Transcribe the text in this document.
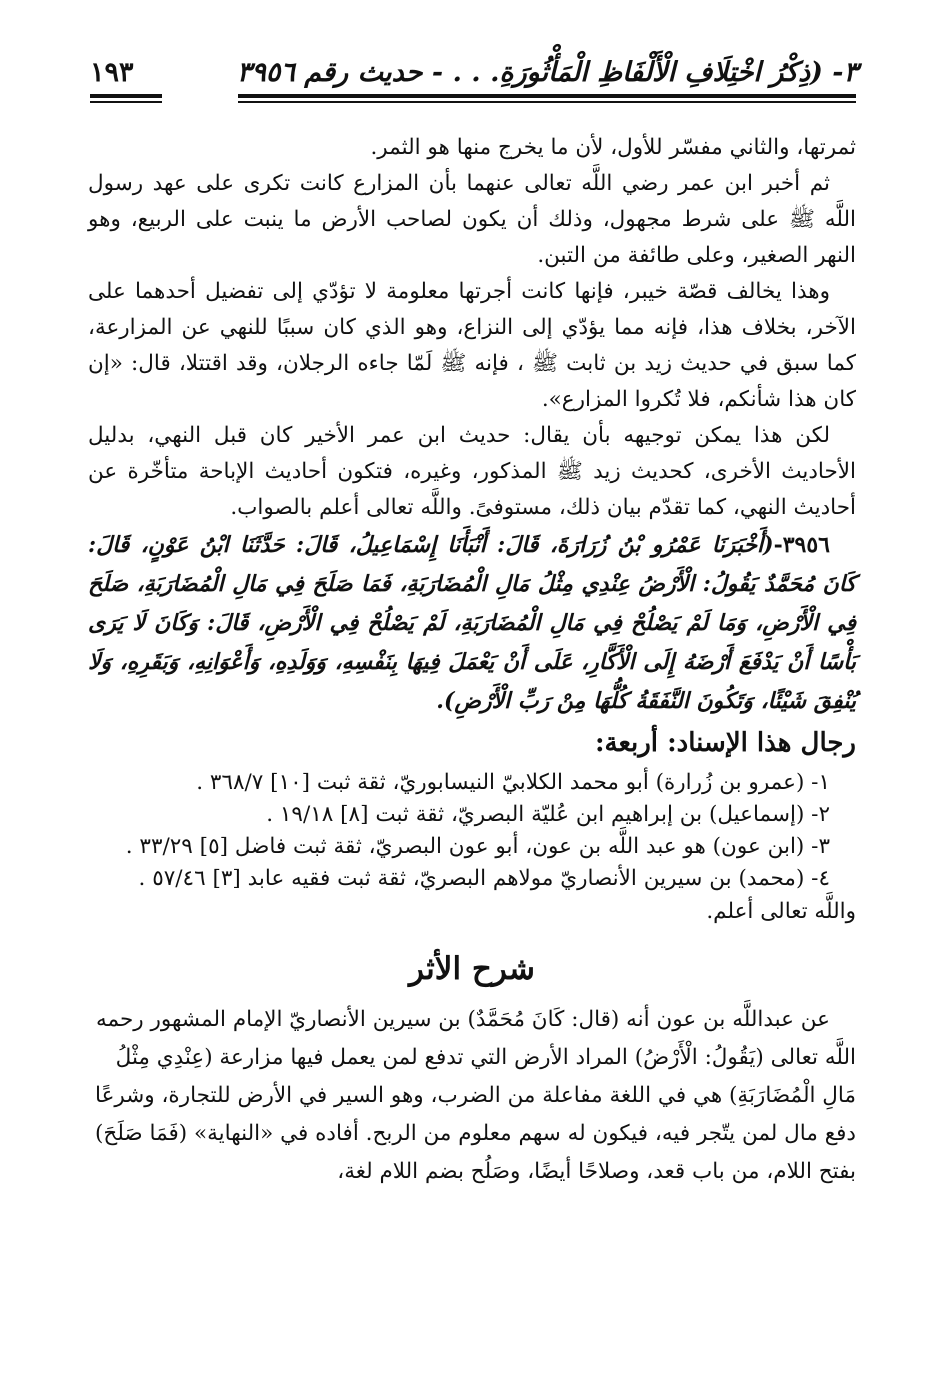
٣- (ذِكْرُ اخْتِلَافِ الْأَلْفَاظِ الْمَأْثُورَةِ. . . - حديث رقم ٣٩٥٦
١٩٣

ثمرتها، والثاني مفسّر للأول، لأن ما يخرج منها هو الثمر.

ثم أخبر ابن عمر رضي اللَّه تعالى عنهما بأن المزارع كانت تكرى على عهد رسول اللَّه ﷺ على شرط مجهول، وذلك أن يكون لصاحب الأرض ما ينبت على الربيع، وهو النهر الصغير، وعلى طائفة من التبن.

وهذا يخالف قصّة خيبر، فإنها كانت أجرتها معلومة لا تؤدّي إلى تفضيل أحدهما على الآخر، بخلاف هذا، فإنه مما يؤدّي إلى النزاع، وهو الذي كان سببًا للنهي عن المزارعة، كما سبق في حديث زيد بن ثابت ﷺ ، فإنه ﷺ لَمّا جاءه الرجلان، وقد اقتتلا، قال: «إن كان هذا شأنكم، فلا تُكروا المزارع».

لكن هذا يمكن توجيهه بأن يقال: حديث ابن عمر الأخير كان قبل النهي، بدليل الأحاديث الأخرى، كحديث زيد ﷺ المذكور، وغيره، فتكون أحاديث الإباحة متأخّرة عن أحاديث النهي، كما تقدّم بيان ذلك، مستوفىً. واللَّه تعالى أعلم بالصواب.

٣٩٥٦-(أَخْبَرَنَا عَمْرُو بْنُ زُرَارَةَ، قَالَ: أَنْبَأَنَا إِسْمَاعِيلُ، قَالَ: حَدَّثَنَا ابْنُ عَوْنٍ، قَالَ: كَانَ مُحَمَّدٌ يَقُولُ: الْأَرْضُ عِنْدِي مِثْلُ مَالِ الْمُضَارَبَةِ، فَمَا صَلَحَ فِي مَالِ الْمُضَارَبَةِ، صَلَحَ فِي الْأَرْضِ، وَمَا لَمْ يَصْلُحْ فِي مَالِ الْمُضَارَبَةِ، لَمْ يَصْلُحْ فِي الْأَرْضِ، قَالَ: وَكَانَ لَا يَرَى بَأْسًا أَنْ يَدْفَعَ أَرْضَهُ إِلَى الْأَكَّارِ، عَلَى أَنْ يَعْمَلَ فِيهَا بِنَفْسِهِ، وَوَلَدِهِ، وَأَعْوَانِهِ، وَبَقَرِهِ، وَلَا يُنْفِقَ شَيْئًا، وَتَكُونَ النَّفَقَةُ كُلُّهَا مِنْ رَبِّ الْأَرْضِ).

رجال هذا الإسناد: أربعة:
١- (عمرو بن زُرارة) أبو محمد الكلابيّ النيسابوريّ، ثقة ثبت [١٠] ٣٦٨/٧ .
٢- (إسماعيل) بن إبراهيم ابن عُليّة البصريّ، ثقة ثبت [٨] ١٩/١٨ .
٣- (ابن عون) هو عبد اللَّه بن عون، أبو عون البصريّ، ثقة ثبت فاضل [٥] ٣٣/٢٩ .
٤- (محمد) بن سيرين الأنصاريّ مولاهم البصريّ، ثقة ثبت فقيه عابد [٣] ٥٧/٤٦ .
واللَّه تعالى أعلم.
شرح الأثر

عن عبداللَّه بن عون أنه (قال: كَانَ مُحَمَّدٌ) بن سيرين الأنصاريّ الإمام المشهور رحمه اللَّه تعالى (يَقُولُ: الْأَرْضُ) المراد الأرض التي تدفع لمن يعمل فيها مزارعة (عِنْدِي مِثْلُ مَالِ الْمُضَارَبَةِ) هي في اللغة مفاعلة من الضرب، وهو السير في الأرض للتجارة، وشرعًا دفع مال لمن يتّجر فيه، فيكون له سهم معلوم من الربح. أفاده في «النهاية» (فَمَا صَلَحَ) بفتح اللام، من باب قعد، وصلاحًا أيضًا، وصَلُح بضم اللام لغة،
